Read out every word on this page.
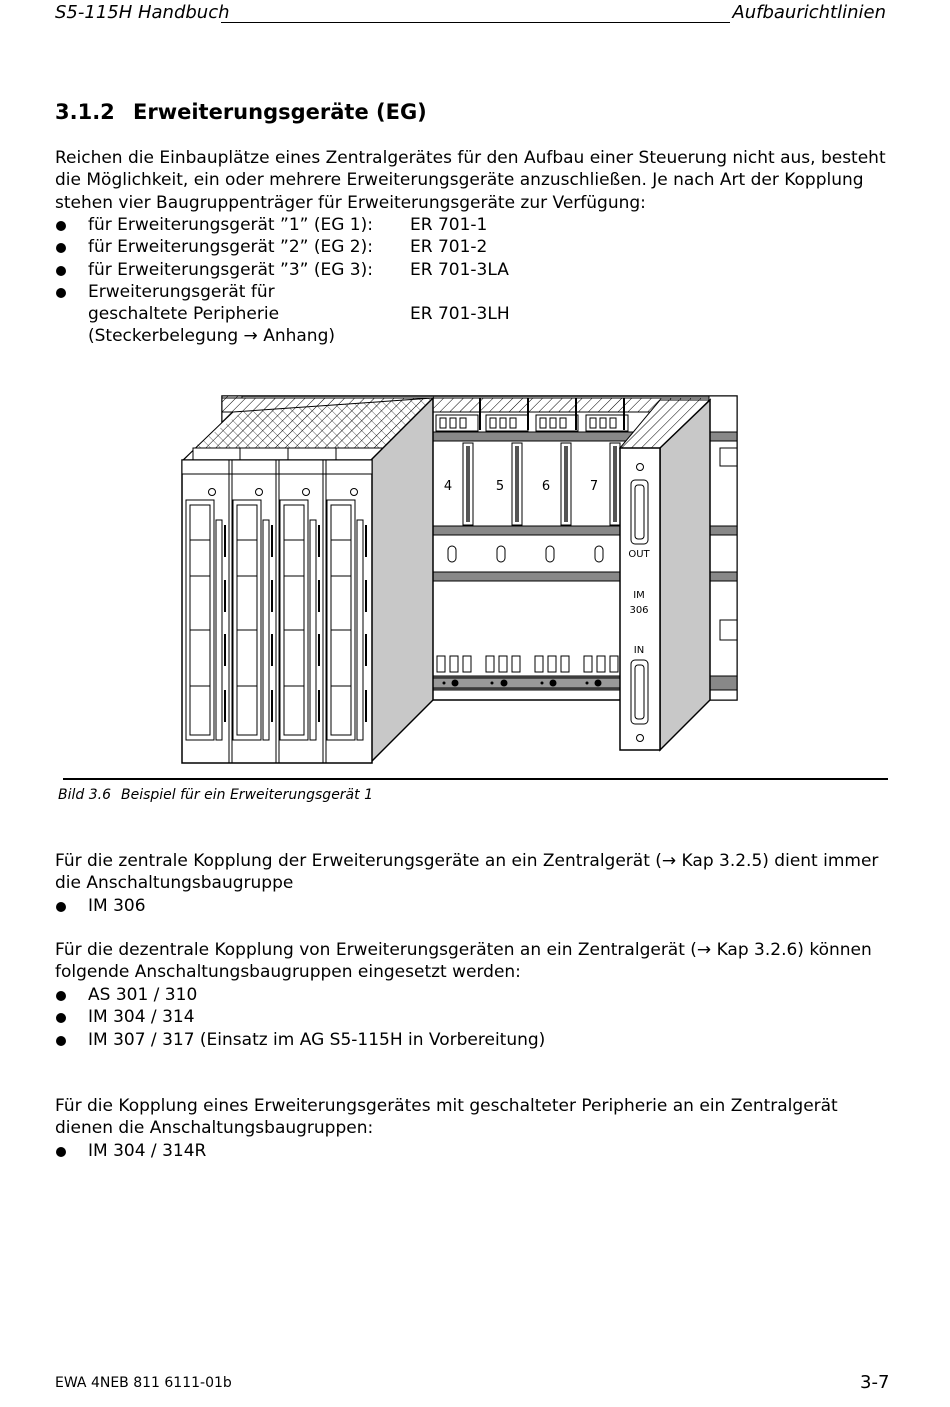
S5-115H Handbuch	Aufbaurichtlinien
3.1.2 Erweiterungsgeräte (EG)
Reichen die Einbauplätze eines Zentralgerätes für den Aufbau einer Steuerung nicht aus, besteht
die Möglichkeit, ein oder mehrere Erweiterungsgeräte anzuschließen. Je nach Art der Kopplung
stehen vier Baugruppenträger für Erweiterungsgeräte zur Verfügung:
für Erweiterungsgerät ”1” (EG 1): ER 701-1
für Erweiterungsgerät ”2” (EG 2): ER 701-2
für Erweiterungsgerät ”3” (EG 3): ER 701-3LA
Erweiterungsgerät für
geschaltete Peripherie	ER 701-3LH
(Steckerbelegung → Anhang)
4	5	6	7
OUT
IM
306
IN
Bild 3.6 Beispiel für ein Erweiterungsgerät 1
Für die zentrale Kopplung der Erweiterungsgeräte an ein Zentralgerät (→ Kap 3.2.5) dient immer
die Anschaltungsbaugruppe
IM 306
Für die dezentrale Kopplung von Erweiterungsgeräten an ein Zentralgerät (→ Kap 3.2.6) können
folgende Anschaltungsbaugruppen eingesetzt werden:
AS 301 / 310
IM 304 / 314
IM 307 / 317 (Einsatz im AG S5-115H in Vorbereitung)
Für die Kopplung eines Erweiterungsgerätes mit geschalteter Peripherie an ein Zentralgerät
dienen die Anschaltungsbaugruppen:
IM 304 / 314R
EWA 4NEB 811 6111-01b	3-7
